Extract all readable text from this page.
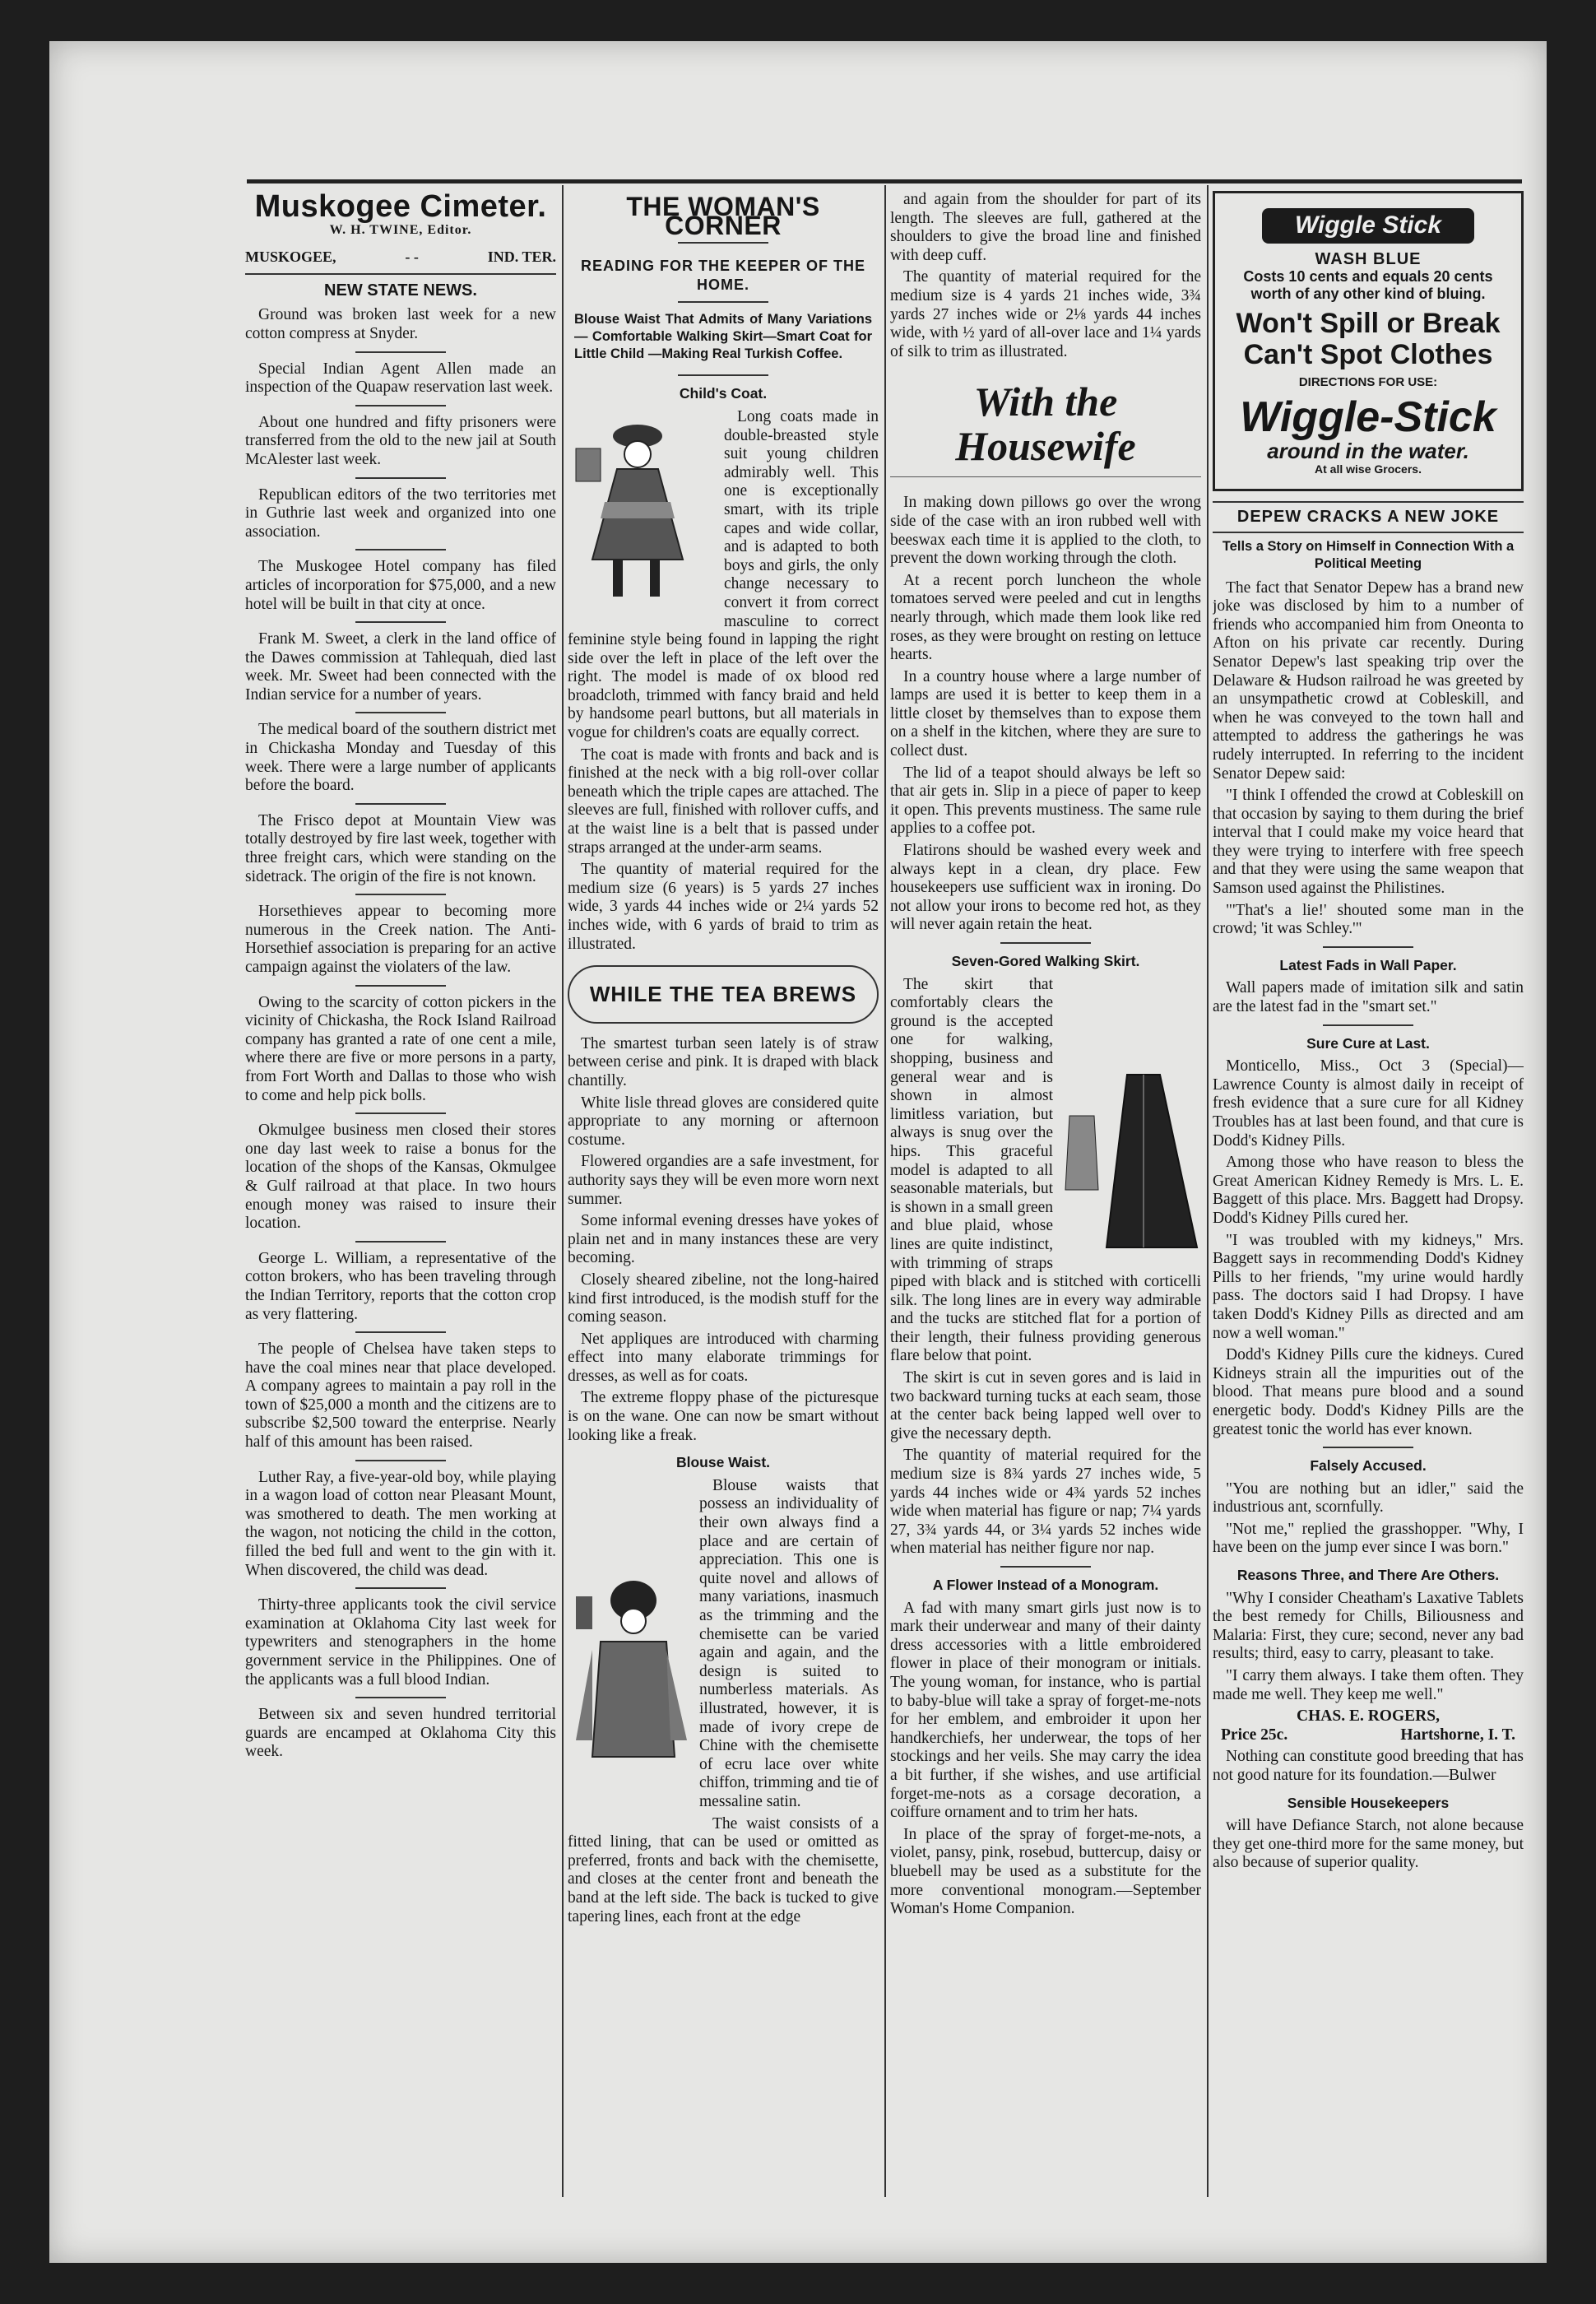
Muskogee Cimeter.
W. H. TWINE, Editor.
MUSKOGEE,	- -	IND. TER.
NEW STATE NEWS.

Ground was broken last week for a new cotton compress at Snyder.

Special Indian Agent Allen made an inspection of the Quapaw reservation last week.

About one hundred and fifty prisoners were transferred from the old to the new jail at South McAlester last week.

Republican editors of the two territories met in Guthrie last week and organized into one association.

The Muskogee Hotel company has filed articles of incorporation for $75,000, and a new hotel will be built in that city at once.

Frank M. Sweet, a clerk in the land office of the Dawes commission at Tahlequah, died last week. Mr. Sweet had been connected with the Indian service for a number of years.

The medical board of the southern district met in Chickasha Monday and Tuesday of this week. There were a large number of applicants before the board.

The Frisco depot at Mountain View was totally destroyed by fire last week, together with three freight cars, which were standing on the sidetrack. The origin of the fire is not known.

Horsethieves appear to becoming more numerous in the Creek nation. The Anti-Horsethief association is preparing for an active campaign against the violaters of the law.

Owing to the scarcity of cotton pickers in the vicinity of Chickasha, the Rock Island Railroad company has granted a rate of one cent a mile, where there are five or more persons in a party, from Fort Worth and Dallas to those who wish to come and help pick bolls.

Okmulgee business men closed their stores one day last week to raise a bonus for the location of the shops of the Kansas, Okmulgee & Gulf railroad at that place. In two hours enough money was raised to insure their location.

George L. William, a representative of the cotton brokers, who has been traveling through the Indian Territory, reports that the cotton crop as very flattering.

The people of Chelsea have taken steps to have the coal mines near that place developed. A company agrees to maintain a pay roll in the town of $25,000 a month and the citizens are to subscribe $2,500 toward the enterprise. Nearly half of this amount has been raised.

Luther Ray, a five-year-old boy, while playing in a wagon load of cotton near Pleasant Mount, was smothered to death. The men working at the wagon, not noticing the child in the cotton, filled the bed full and went to the gin with it. When discovered, the child was dead.

Thirty-three applicants took the civil service examination at Oklahoma City last week for typewriters and stenographers in the home government service in the Philippines. One of the applicants was a full blood Indian.

Between six and seven hundred territorial guards are encamped at Oklahoma City this week.

THE WOMAN'S CORNER
READING FOR THE KEEPER OF THE HOME.
Blouse Waist That Admits of Many Variations — Comfortable Walking Skirt—Smart Coat for Little Child —Making Real Turkish Coffee.
Child's Coat.

Long coats made in double-breasted style suit young children admirably well. This one is exceptionally smart, with its triple capes and wide collar, and is adapted to both boys and girls, the only change necessary to convert it from correct masculine to correct feminine style being found in lapping the right side over the left in place of the left over the right. The model is made of ox blood red broadcloth, trimmed with fancy braid and held by handsome pearl buttons, but all materials in vogue for children's coats are equally correct.

The coat is made with fronts and back and is finished at the neck with a big roll-over collar beneath which the triple capes are attached. The sleeves are full, finished with rollover cuffs, and at the waist line is a belt that is passed under straps arranged at the under-arm seams.

The quantity of material required for the medium size (6 years) is 5 yards 27 inches wide, 3 yards 44 inches wide or 2¼ yards 52 inches wide, with 6 yards of braid to trim as illustrated.

WHILE THE TEA BREWS

The smartest turban seen lately is of straw between cerise and pink. It is draped with black chantilly.

White lisle thread gloves are considered quite appropriate to any morning or afternoon costume.

Flowered organdies are a safe investment, for authority says they will be even more worn next summer.

Some informal evening dresses have yokes of plain net and in many instances these are very becoming.

Closely sheared zibeline, not the long-haired kind first introduced, is the modish stuff for the coming season.

Net appliques are introduced with charming effect into many elaborate trimmings for dresses, as well as for coats.

The extreme floppy phase of the picturesque is on the wane. One can now be smart without looking like a freak.

Blouse Waist.

Blouse waists that possess an individuality of their own always find a place and are certain of appreciation. This one is quite novel and allows of many variations, inasmuch as the trimming and the chemisette can be varied again and again, and the design is suited to numberless materials. As illustrated, however, it is made of ivory crepe de Chine with the chemisette of ecru lace over white chiffon, trimming and tie of messaline satin.

The waist consists of a fitted lining, that can be used or omitted as preferred, fronts and back with the chemisette, and closes at the center front and beneath the band at the left side. The back is tucked to give tapering lines, each front at the edge

and again from the shoulder for part of its length. The sleeves are full, gathered at the shoulders to give the broad line and finished with deep cuff.

The quantity of material required for the medium size is 4 yards 21 inches wide, 3¾ yards 27 inches wide or 2⅛ yards 44 inches wide, with ½ yard of all-over lace and 1¼ yards of silk to trim as illustrated.

With the Housewife

In making down pillows go over the wrong side of the case with an iron rubbed well with beeswax each time it is applied to the cloth, to prevent the down working through the cloth.

At a recent porch luncheon the whole tomatoes served were peeled and cut in lengths nearly through, which made them look like red roses, as they were brought on resting on lettuce hearts.

In a country house where a large number of lamps are used it is better to keep them in a little closet by themselves than to expose them on a shelf in the kitchen, where they are sure to collect dust.

The lid of a teapot should always be left so that air gets in. Slip in a piece of paper to keep it open. This prevents mustiness. The same rule applies to a coffee pot.

Flatirons should be washed every week and always kept in a clean, dry place. Few housekeepers use sufficient wax in ironing. Do not allow your irons to become red hot, as they will never again retain the heat.

Seven-Gored Walking Skirt.

The skirt that comfortably clears the ground is the accepted one for walking, shopping, business and general wear and is shown in almost limitless variation, but always is snug over the hips. This graceful model is adapted to all seasonable materials, but is shown in a small green and blue plaid, whose lines are quite indistinct, with trimming of straps piped with black and is stitched with corticelli silk. The long lines are in every way admirable and the tucks are stitched flat for a portion of their length, their fulness providing generous flare below that point.

The skirt is cut in seven gores and is laid in two backward turning tucks at each seam, those at the center back being lapped well over to give the necessary depth.

The quantity of material required for the medium size is 8¾ yards 27 inches wide, 5 yards 44 inches wide or 4¾ yards 52 inches wide when material has figure or nap; 7¼ yards 27, 3¾ yards 44, or 3¼ yards 52 inches wide when material has neither figure nor nap.

A Flower Instead of a Monogram.

A fad with many smart girls just now is to mark their underwear and many of their dainty dress accessories with a little embroidered flower in place of their monogram or initials. The young woman, for instance, who is partial to baby-blue will take a spray of forget-me-nots for her emblem, and embroider it upon her handkerchiefs, her underwear, the tops of her stockings and her veils. She may carry the idea a bit further, if she wishes, and use artificial forget-me-nots as a corsage decoration, a coiffure ornament and to trim her hats.

In place of the spray of forget-me-nots, a violet, pansy, pink, rosebud, buttercup, daisy or bluebell may be used as a substitute for the more conventional monogram.—September Woman's Home Companion.

Wiggle Stick
WASH BLUE
Costs 10 cents and equals 20 cents worth of any other kind of bluing.
Won't Spill or Break Can't Spot Clothes
DIRECTIONS FOR USE:
Wiggle-Stick
around in the water.
At all wise Grocers.
DEPEW CRACKS A NEW JOKE
Tells a Story on Himself in Connection With a Political Meeting

The fact that Senator Depew has a brand new joke was disclosed by him to a number of friends who accompanied him from Oneonta to Afton on his private car recently. During Senator Depew's last speaking trip over the Delaware & Hudson railroad he was greeted by an unsympathetic crowd at Cobleskill, and when he was conveyed to the town hall and attempted to address the gatherings he was rudely interrupted. In referring to the incident Senator Depew said:

"I think I offended the crowd at Cobleskill on that occasion by saying to them during the brief interval that I could make my voice heard that they were trying to interfere with free speech and that they were using the same weapon that Samson used against the Philistines.

"'That's a lie!' shouted some man in the crowd; 'it was Schley.'"

Latest Fads in Wall Paper.

Wall papers made of imitation silk and satin are the latest fad in the "smart set."

Sure Cure at Last.

Monticello, Miss., Oct 3 (Special)—Lawrence County is almost daily in receipt of fresh evidence that a sure cure for all Kidney Troubles has at last been found, and that cure is Dodd's Kidney Pills.

Among those who have reason to bless the Great American Kidney Remedy is Mrs. L. E. Baggett of this place. Mrs. Baggett had Dropsy. Dodd's Kidney Pills cured her.

"I was troubled with my kidneys," Mrs. Baggett says in recommending Dodd's Kidney Pills to her friends, "my urine would hardly pass. The doctors said I had Dropsy. I have taken Dodd's Kidney Pills as directed and am now a well woman."

Dodd's Kidney Pills cure the kidneys. Cured Kidneys strain all the impurities out of the blood. That means pure blood and a sound energetic body. Dodd's Kidney Pills are the greatest tonic the world has ever known.

Falsely Accused.

"You are nothing but an idler," said the industrious ant, scornfully.

"Not me," replied the grasshopper. "Why, I have been on the jump ever since I was born."

Reasons Three, and There Are Others.

"Why I consider Cheatham's Laxative Tablets the best remedy for Chills, Biliousness and Malaria: First, they cure; second, never any bad results; third, easy to carry, pleasant to take.

"I carry them always. I take them often. They made me well. They keep me well."

CHAS. E. ROGERS,
Price 25c.	Hartshorne, I. T.

Nothing can constitute good breeding that has not good nature for its foundation.—Bulwer

Sensible Housekeepers

will have Defiance Starch, not alone because they get one-third more for the same money, but also because of superior quality.
